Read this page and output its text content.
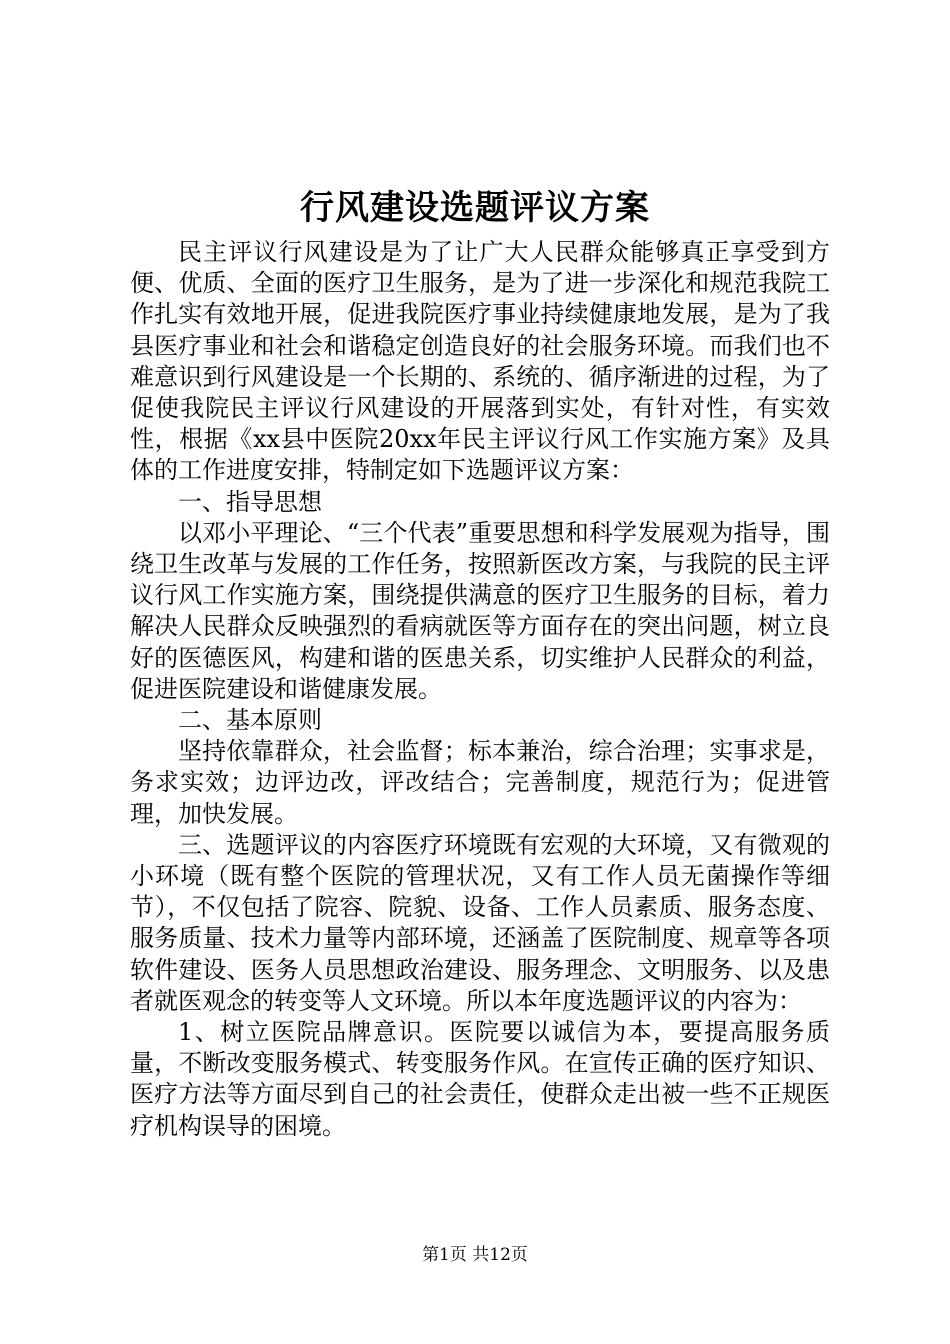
行风建设选题评议方案

民主评议行风建设是为了让广大人民群众能够真正享受到方便、优质、全面的医疗卫生服务，是为了进一步深化和规范我院工作扎实有效地开展，促进我院医疗事业持续健康地发展，是为了我县医疗事业和社会和谐稳定创造良好的社会服务环境。而我们也不难意识到行风建设是一个长期的、系统的、循序渐进的过程，为了促使我院民主评议行风建设的开展落到实处，有针对性，有实效性，根据《xx县中医院20xx年民主评议行风工作实施方案》及具体的工作进度安排，特制定如下选题评议方案：

一、指导思想

以邓小平理论、“三个代表”重要思想和科学发展观为指导，围绕卫生改革与发展的工作任务，按照新医改方案，与我院的民主评议行风工作实施方案，围绕提供满意的医疗卫生服务的目标，着力解决人民群众反映强烈的看病就医等方面存在的突出问题，树立良好的医德医风，构建和谐的医患关系，切实维护人民群众的利益，促进医院建设和谐健康发展。

二、基本原则

坚持依靠群众，社会监督；标本兼治，综合治理；实事求是，务求实效；边评边改，评改结合；完善制度，规范行为；促进管理，加快发展。

三、选题评议的内容医疗环境既有宏观的大环境，又有微观的小环境（既有整个医院的管理状况，又有工作人员无菌操作等细节），不仅包括了院容、院貌、设备、工作人员素质、服务态度、服务质量、技术力量等内部环境，还涵盖了医院制度、规章等各项软件建设、医务人员思想政治建设、服务理念、文明服务、以及患者就医观念的转变等人文环境。所以本年度选题评议的内容为：

1、树立医院品牌意识。医院要以诚信为本，要提高服务质量，不断改变服务模式、转变服务作风。在宣传正确的医疗知识、医疗方法等方面尽到自己的社会责任，使群众走出被一些不正规医疗机构误导的困境。

第1页 共12页
